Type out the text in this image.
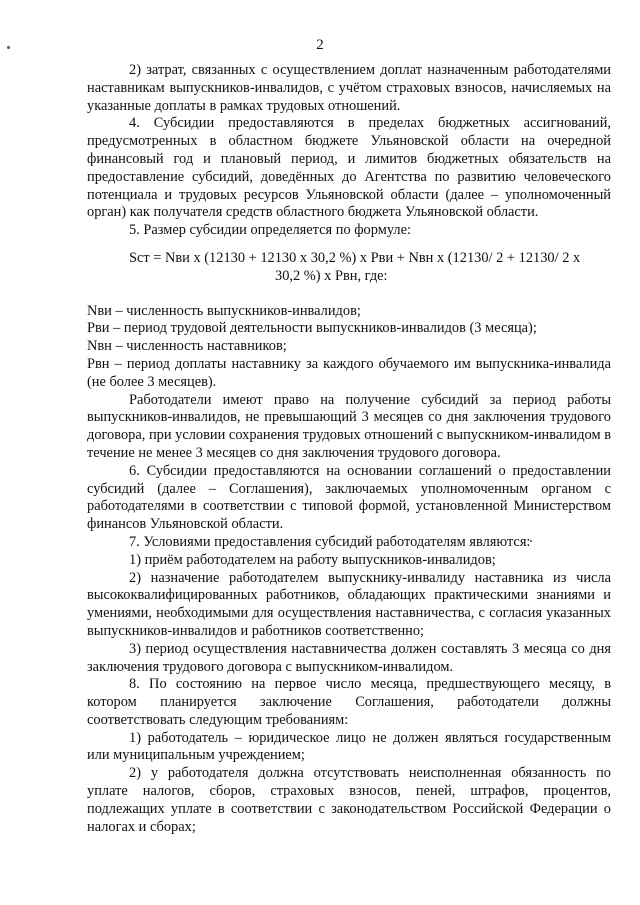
2

2) затрат, связанных с осуществлением доплат назначенным работодателями наставникам выпускников-инвалидов, с учётом страховых взносов, начисляемых на указанные доплаты в рамках трудовых отношений.

4. Субсидии предоставляются в пределах бюджетных ассигнований, предусмотренных в областном бюджете Ульяновской области на очередной финансовый год и плановый период, и лимитов бюджетных обязательств на предоставление субсидий, доведённых до Агентства по развитию человеческого потенциала и трудовых ресурсов Ульяновской области (далее – уполномоченный орган) как получателя средств областного бюджета Ульяновской области.

5. Размер субсидии определяется по формуле:

Sст = Nви x (12130 + 12130 x 30,2 %) x Рви + Nвн x (12130/ 2 + 12130/ 2 x
30,2 %) x Рвн, где:

Nви – численность выпускников-инвалидов;

Рви – период трудовой деятельности выпускников-инвалидов (3 месяца);

Nвн – численность наставников;

Рвн – период доплаты наставнику за каждого обучаемого им выпускника-инвалида (не более 3 месяцев).

Работодатели имеют право на получение субсидий за период работы выпускников-инвалидов, не превышающий 3 месяцев со дня заключения трудового договора, при условии сохранения трудовых отношений с выпускником-инвалидом в течение не менее 3 месяцев со дня заключения трудового договора.

6. Субсидии предоставляются на основании соглашений о предоставлении субсидий (далее – Соглашения), заключаемых уполномоченным органом с работодателями в соответствии с типовой формой, установленной Министерством финансов Ульяновской области.

7. Условиями предоставления субсидий работодателям являются:

1) приём работодателем на работу выпускников-инвалидов;

2) назначение работодателем выпускнику-инвалиду наставника из числа высококвалифицированных работников, обладающих практическими знаниями и умениями, необходимыми для осуществления наставничества, с согласия указанных выпускников-инвалидов и работников соответственно;

3) период осуществления наставничества должен составлять 3 месяца со дня заключения трудового договора с выпускником-инвалидом.

8. По состоянию на первое число месяца, предшествующего месяцу, в котором планируется заключение Соглашения, работодатели должны соответствовать следующим требованиям:

1) работодатель – юридическое лицо не должен являться государственным или муниципальным учреждением;

2) у работодателя должна отсутствовать неисполненная обязанность по уплате налогов, сборов, страховых взносов, пеней, штрафов, процентов, подлежащих уплате в соответствии с законодательством Российской Федерации о налогах и сборах;
